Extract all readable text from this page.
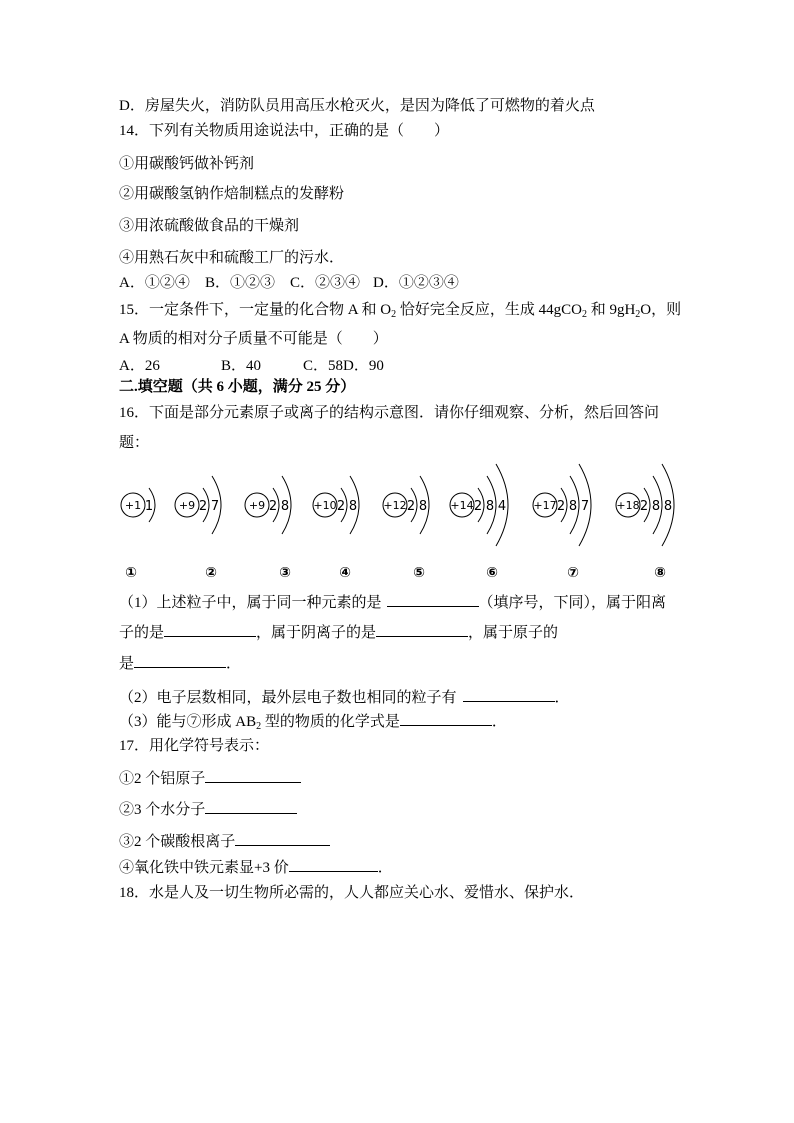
D．房屋失火，消防队员用高压水枪灭火，是因为降低了可燃物的着火点
14．下列有关物质用途说法中，正确的是（　　）
①用碳酸钙做补钙剂
②用碳酸氢钠作焙制糕点的发酵粉
③用浓硫酸做食品的干燥剂
④用熟石灰中和硫酸工厂的污水．
A．①②④ B．①②③ C．②③④ D．①②③④
15．一定条件下，一定量的化合物 A 和 $O_2$ 恰好完全反应，生成 44gCO$_2$ 和 $9gH_2O$，则
A 物质的相对分子质量不可能是（　　）
A．26	B．40	C．58D．90
二.填空题（共 6 小题，满分 25 分）
16．下面是部分元素原子或离子的结构示意图．请你仔细观察、分析，然后回答问
题：
+1 1 +9 2 7	+9 2 8 +10 2 8 +12 2 8 +14 2 8 4 +17 2 8 7 +18 2 8 8
①	②	③	④	⑤	⑥	⑦	⑧
（1）上述粒子中，属于同一种元素的是	（填序号，下同），属于阳离
子的是	，属于阴离子的是	，属于原子的
是	．
（2）电子层数相同，最外层电子数也相同的粒子有	．
（3）能与⑦形成 $AB_2$ 型的物质的化学式是	．
17．用化学符号表示：
①2 个铝原子
②3 个水分子
③2 个碳酸根离子
④氧化铁中铁元素显+3 价	．
18．水是人及一切生物所必需的，人人都应关心水、爱惜水、保护水．
